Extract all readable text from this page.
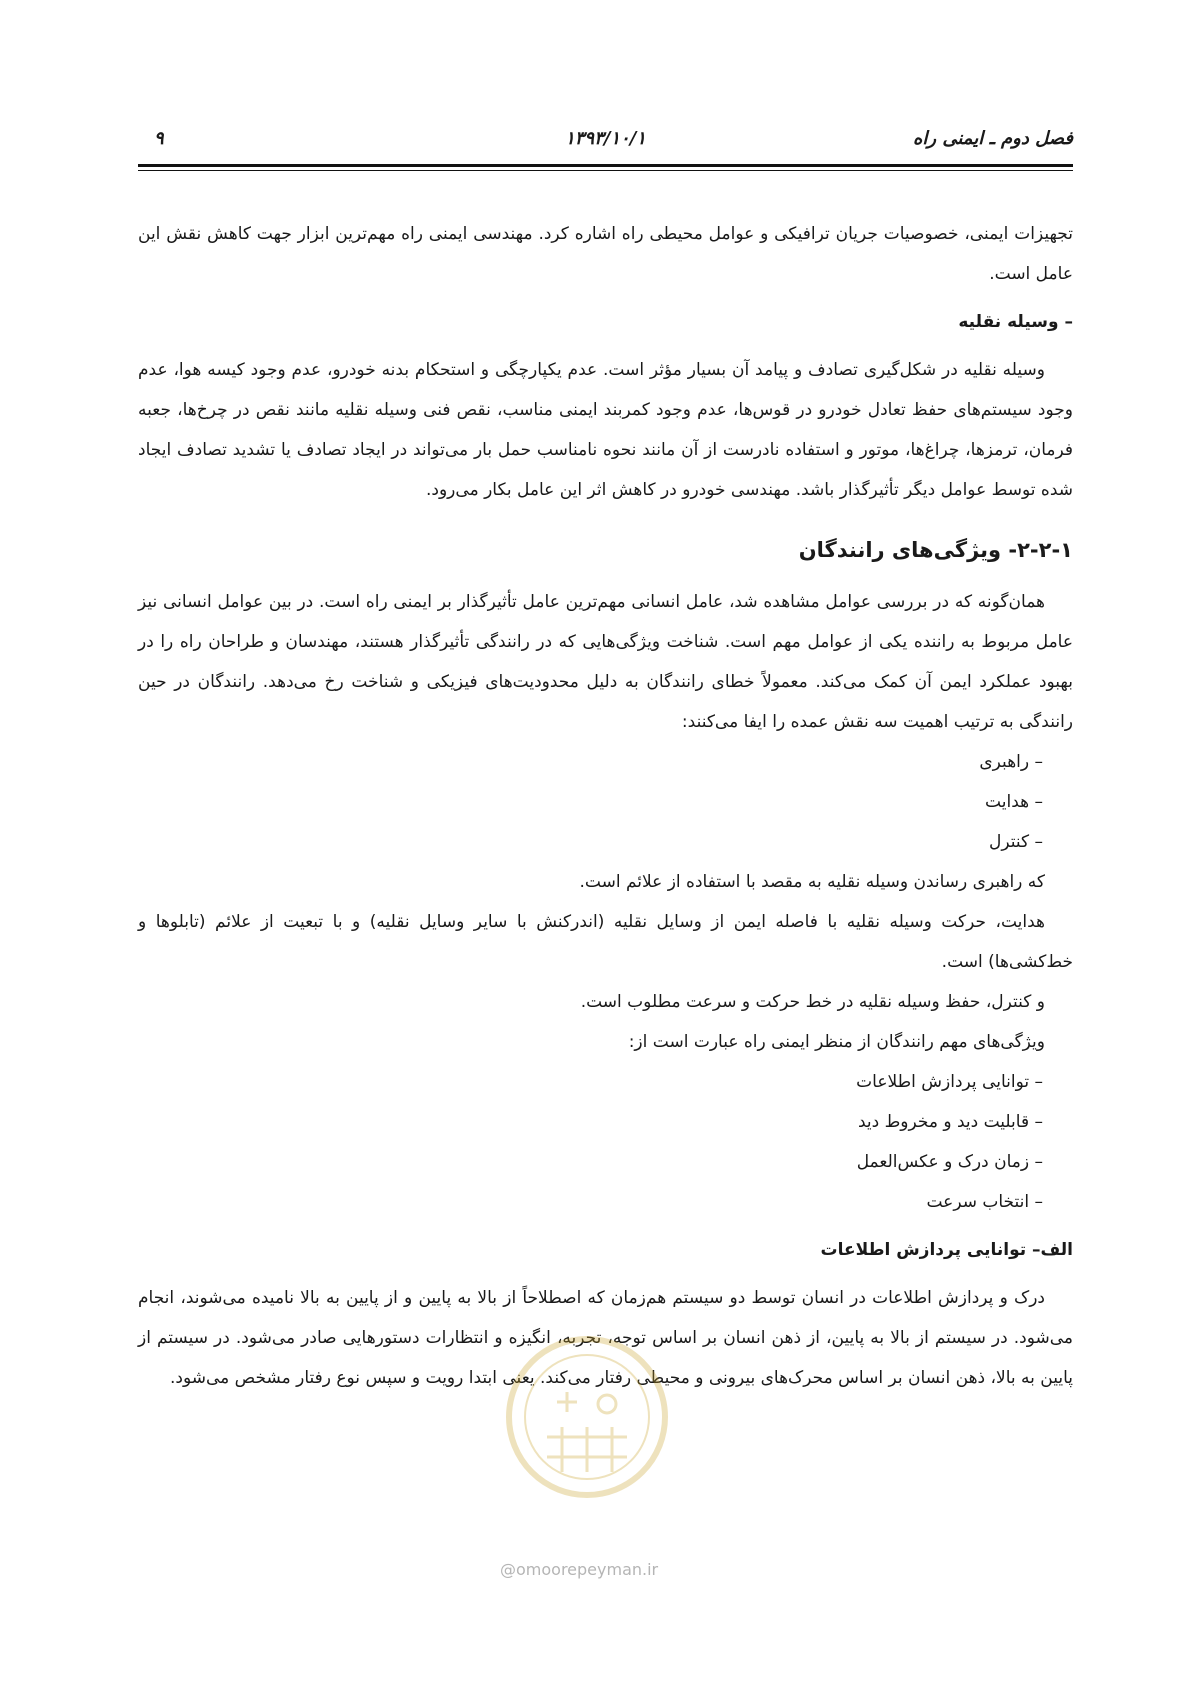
فصل دوم ـ ایمنی راه
۱۳۹۳/۱۰/۱
۹

تجهیزات ایمنی، خصوصیات جریان ترافیکی و عوامل محیطی راه اشاره کرد. مهندسی ایمنی راه مهم‌ترین ابزار جهت کاهش نقش این عامل است.

– وسیله نقلیه

وسیله نقلیه در شکل‌گیری تصادف و پیامد آن بسیار مؤثر است. عدم یکپارچگی و استحکام بدنه خودرو، عدم وجود کیسه هوا، عدم وجود سیستم‌های حفظ تعادل خودرو در قوس‌ها، عدم وجود کمربند ایمنی مناسب، نقص فنی وسیله نقلیه مانند نقص در چرخ‌ها، جعبه فرمان، ترمزها، چراغ‌ها، موتور و استفاده نادرست از آن مانند نحوه نامناسب حمل بار می‌تواند در ایجاد تصادف یا تشدید تصادف ایجاد شده توسط عوامل دیگر تأثیرگذار باشد. مهندسی خودرو در کاهش اثر این عامل بکار می‌رود.

۲-۲-۱- ویژگی‌های رانندگان

همان‌گونه که در بررسی عوامل مشاهده شد، عامل انسانی مهم‌ترین عامل تأثیرگذار بر ایمنی راه است. در بین عوامل انسانی نیز عامل مربوط به راننده یکی از عوامل مهم است. شناخت ویژگی‌هایی که در رانندگی تأثیرگذار هستند، مهندسان و طراحان راه را در بهبود عملکرد ایمن آن کمک می‌کند. معمولاً خطای رانندگان به دلیل محدودیت‌های فیزیکی و شناخت رخ می‌دهد. رانندگان در حین رانندگی به ترتیب اهمیت سه نقش عمده را ایفا می‌کنند:

– راهبری
– هدایت
– کنترل

که راهبری رساندن وسیله نقلیه به مقصد با استفاده از علائم است.

هدایت، حرکت وسیله نقلیه با فاصله ایمن از وسایل نقلیه (اندرکنش با سایر وسایل نقلیه) و با تبعیت از علائم (تابلوها و خط‌کشی‌ها) است.

و کنترل، حفظ وسیله نقلیه در خط حرکت و سرعت مطلوب است.

ویژگی‌های مهم رانندگان از منظر ایمنی راه عبارت است از:

– توانایی پردازش اطلاعات
– قابلیت دید و مخروط دید
– زمان درک و عکس‌العمل
– انتخاب سرعت
الف– توانایی پردازش اطلاعات

درک و پردازش اطلاعات در انسان توسط دو سیستم هم‌زمان که اصطلاحاً از بالا به پایین و از پایین به بالا نامیده می‌شوند، انجام می‌شود. در سیستم از بالا به پایین، از ذهن انسان بر اساس توجه، تجربه، انگیزه و انتظارات دستورهایی صادر می‌شود. در سیستم از پایین به بالا، ذهن انسان بر اساس محرک‌های بیرونی و محیطی رفتار می‌کند. یعنی ابتدا رویت و سپس نوع رفتار مشخص می‌شود.

@omoorepeyman.ir
